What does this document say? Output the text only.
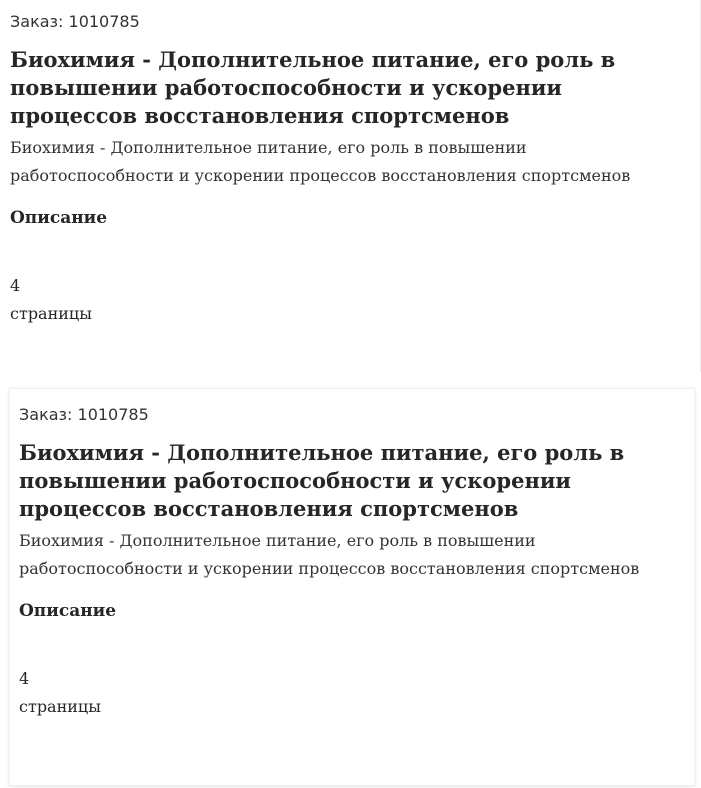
Заказ: 1010785

Биохимия - Дополнительное питание, его роль в повышении работоспособности и ускорении процессов восстановления спортсменов

Биохимия - Дополнительное питание, его роль в повышении работоспособности и ускорении процессов восстановления спортсменов

Описание

4
страницы

Заказ: 1010785

Биохимия - Дополнительное питание, его роль в повышении работоспособности и ускорении процессов восстановления спортсменов

Биохимия - Дополнительное питание, его роль в повышении работоспособности и ускорении процессов восстановления спортсменов

Описание

4
страницы
